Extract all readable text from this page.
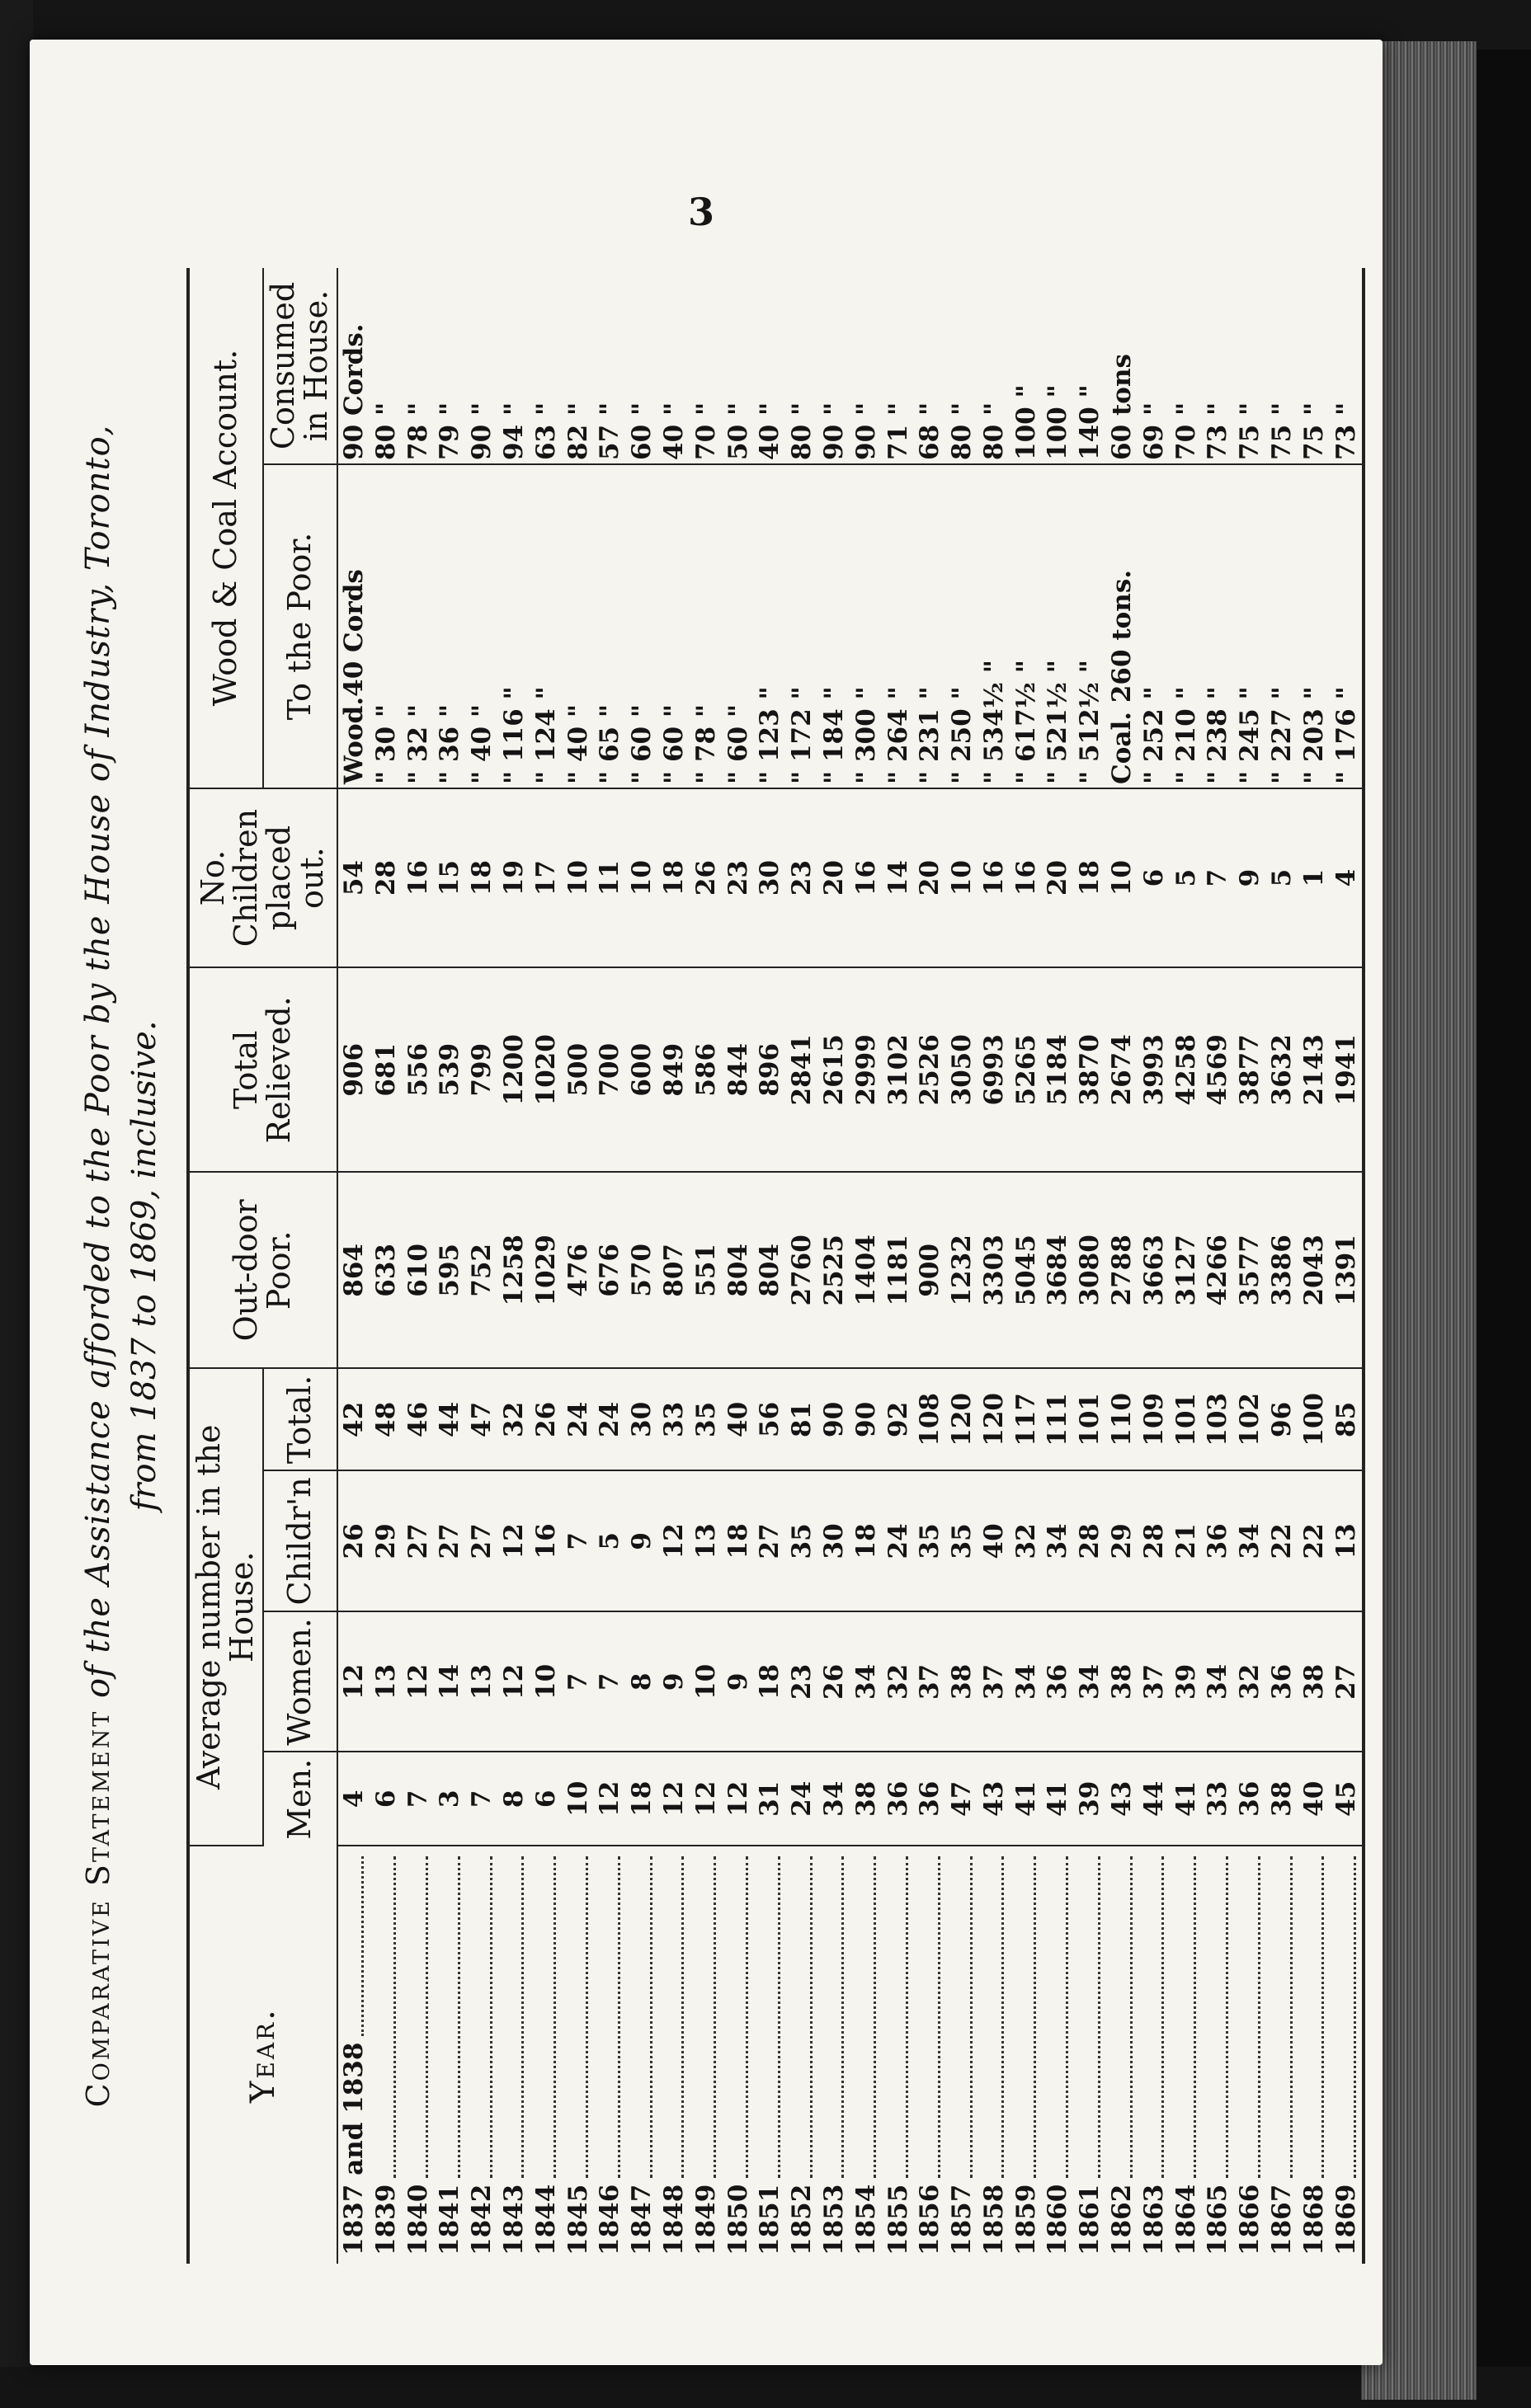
3
Comparative Statement of the Assistance afforded to the Poor by the House of Industry, Toronto, from 1837 to 1869, inclusive.
Year.	Average number in the House.				Out-door Poor.	Total Relieved.	No. Children placed out.	Wood & Coal Account.	
	Men.	Women.	Childr'n	Total.				To the Poor.	Consumed in House.

1837 and 1838	4	12	26	42	864	906	54	Wood.40 Cords	90 Cords.

1839	6	13	29	48	633	681	28	" 30 "	80 "

1840	7	12	27	46	610	556	16	" 32 "	78 "

1841	3	14	27	44	595	539	15	" 36 "	79 "

1842	7	13	27	47	752	799	18	" 40 "	90 "

1843	8	12	12	32	1258	1200	19	" 116 "	94 "

1844	6	10	16	26	1029	1020	17	" 124 "	63 "

1845	10	7	7	24	476	500	10	" 40 "	82 "

1846	12	7	5	24	676	700	11	" 65 "	57 "

1847	18	8	9	30	570	600	10	" 60 "	60 "

1848	12	9	12	33	807	849	18	" 60 "	40 "

1849	12	10	13	35	551	586	26	" 78 "	70 "

1850	12	9	18	40	804	844	23	" 60 "	50 "

1851	31	18	27	56	804	896	30	" 123 "	40 "

1852	24	23	35	81	2760	2841	23	" 172 "	80 "

1853	34	26	30	90	2525	2615	20	" 184 "	90 "

1854	38	34	18	90	1404	2999	16	" 300 "	90 "

1855	36	32	24	92	1181	3102	14	" 264 "	71 "

1856	36	37	35	108	900	2526	20	" 231 "	68 "

1857	47	38	35	120	1232	3050	10	" 250 "	80 "

1858	43	37	40	120	3303	6993	16	" 534½ "	80 "

1859	41	34	32	117	5045	5265	16	" 617½ "	100 "

1860	41	36	34	111	3684	5184	20	" 521½ "	100 "

1861	39	34	28	101	3080	3870	18	" 512½ "	140 "

1862	43	38	29	110	2788	2674	10	Coal. 260 tons.	60 tons

1863	44	37	28	109	3663	3993	6	" 252 "	69 "

1864	41	39	21	101	3127	4258	5	" 210 "	70 "

1865	33	34	36	103	4266	4569	7	" 238 "	73 "

1866	36	32	34	102	3577	3877	9	" 245 "	75 "

1867	38	36	22	96	3386	3632	5	" 227 "	75 "

1868	40	38	22	100	2043	2143	1	" 203 "	75 "

1869	45	27	13	85	1391	1941	4	" 176 "	73 "
